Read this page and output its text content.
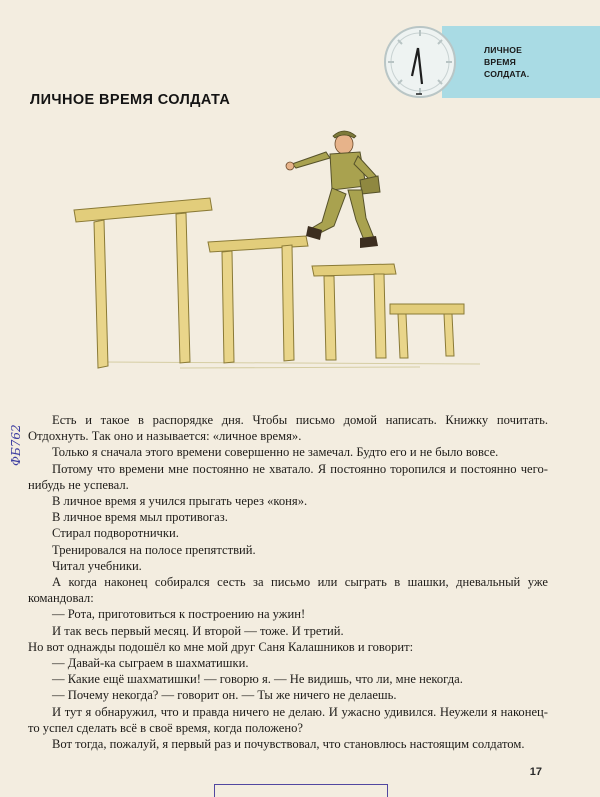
ЛИЧНОЕ
ВРЕМЯ
СОЛДАТА.
ЛИЧНОЕ ВРЕМЯ СОЛДАТА
ФБ762

Есть и такое в распорядке дня. Чтобы письмо домой написать. Книжку почитать. Отдохнуть. Так оно и называется: «личное время».

Только я сначала этого времени совершенно не замечал. Будто его и не было вовсе.

Потому что времени мне постоянно не хватало. Я постоянно торопился и постоянно чего-нибудь не успевал.

В личное время я учился прыгать через «коня».

В личное время мыл противогаз.

Стирал подворотнички.

Тренировался на полосе препятствий.

Читал учебники.

А когда наконец собирался сесть за письмо или сыграть в шашки, дневальный уже командовал:

— Рота, приготовиться к построению на ужин!

И так весь первый месяц. И второй — тоже. И третий.

Но вот однажды подошёл ко мне мой друг Саня Калашников и говорит:

— Давай-ка сыграем в шахматишки.

— Какие ещё шахматишки! — говорю я. — Не видишь, что ли, мне некогда.

— Почему некогда? — говорит он. — Ты же ничего не делаешь.

И тут я обнаружил, что и правда ничего не делаю. И ужасно удивился. Неужели я наконец-то успел сделать всё в своё время, когда положено?

Вот тогда, пожалуй, я первый раз и почувствовал, что становлюсь настоящим солдатом.

17
